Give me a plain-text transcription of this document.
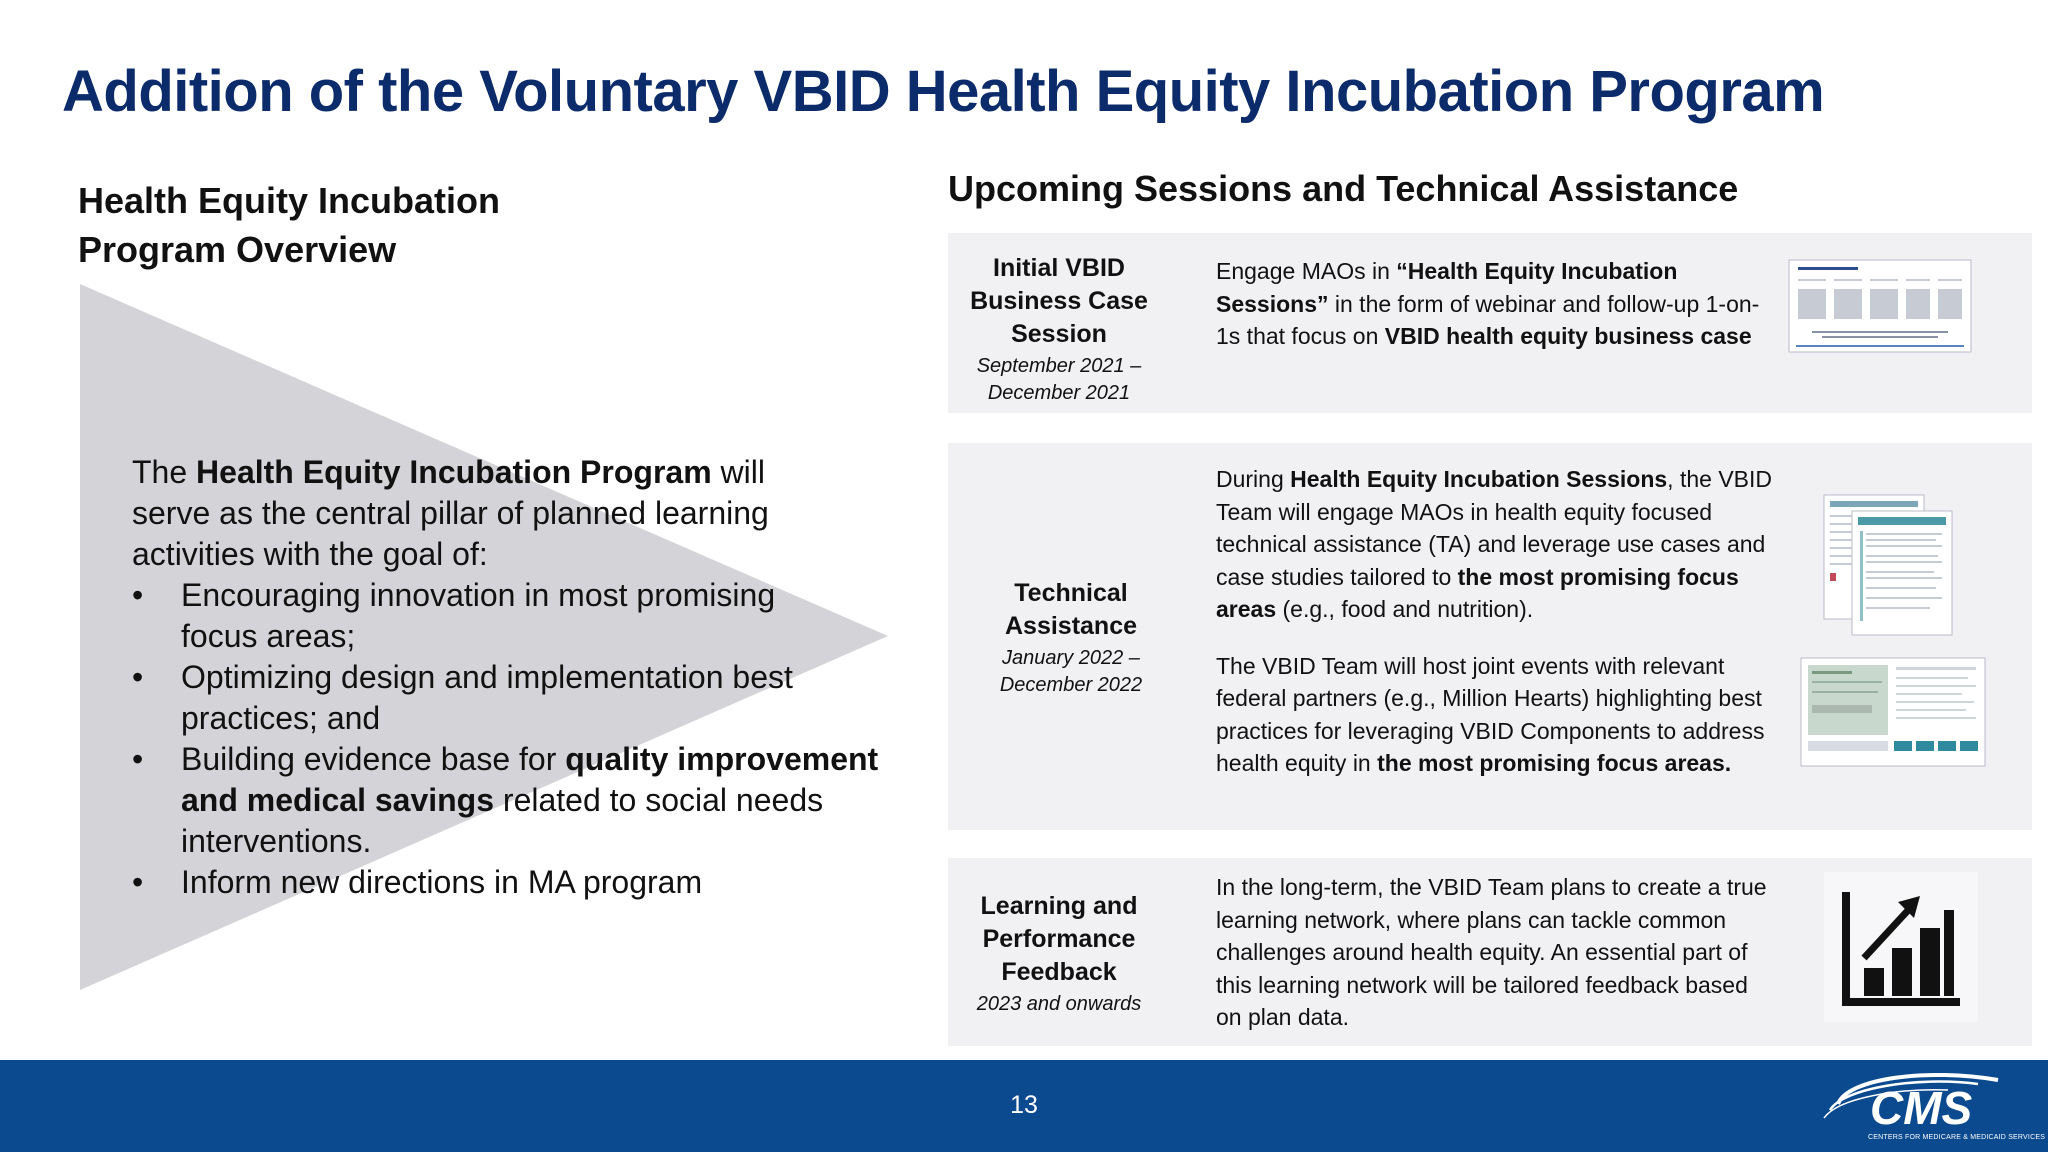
Addition of the Voluntary VBID Health Equity Incubation Program
Health Equity Incubation
Program Overview

The Health Equity Incubation Program will serve as the central pillar of planned learning activities with the goal of:

• Encouraging innovation in most promising focus areas;
• Optimizing design and implementation best practices; and
• Building evidence base for quality improvement and medical savings related to social needs interventions.
• Inform new directions in MA program
Upcoming Sessions and Technical Assistance
Initial VBID Business Case Session
September 2021 – December 2021

Engage MAOs in “Health Equity Incubation Sessions” in the form of webinar and follow-up 1-on-1s that focus on VBID health equity business case

Technical Assistance
January 2022 – December 2022

During Health Equity Incubation Sessions, the VBID Team will engage MAOs in health equity focused technical assistance (TA) and leverage use cases and case studies tailored to the most promising focus areas (e.g., food and nutrition).

The VBID Team will host joint events with relevant federal partners (e.g., Million Hearts) highlighting best practices for leveraging VBID Components to address health equity in the most promising focus areas.

Learning and Performance Feedback
2023 and onwards

In the long-term, the VBID Team plans to create a true learning network, where plans can tackle common challenges around health equity. An essential part of this learning network will be tailored feedback based on plan data.

13	CMS
CENTERS FOR MEDICARE & MEDICAID SERVICES
